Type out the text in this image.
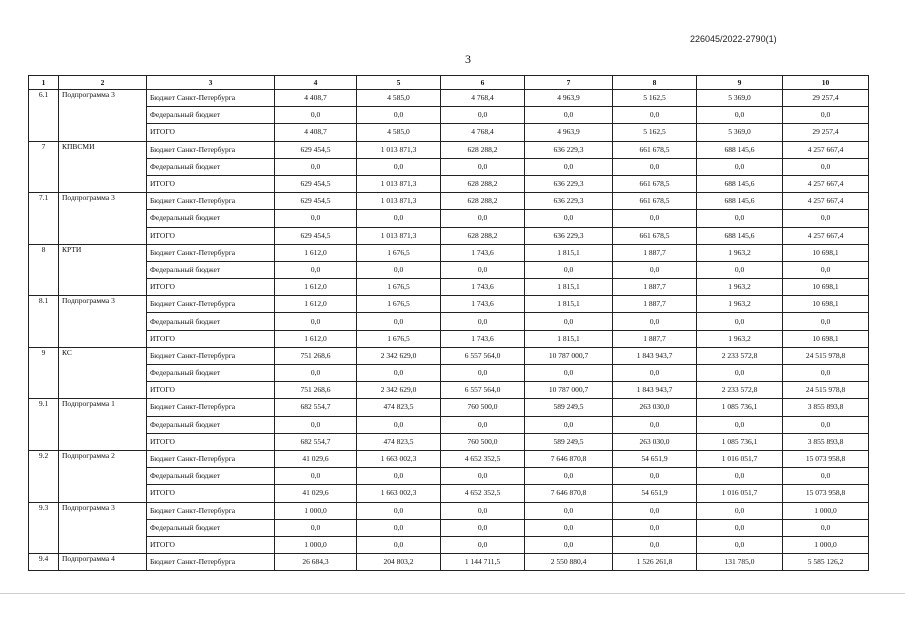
226045/2022-2790(1)
3
1	2	3	4	5	6	7	8	9	10
6.1	Подпрограмма 3	Бюджет Санкт-Петербурга	4 408,7	4 585,0	4 768,4	4 963,9	5 162,5	5 369,0	29 257,4
		Федеральный бюджет	0,0	0,0	0,0	0,0	0,0	0,0	0,0
		ИТОГО	4 408,7	4 585,0	4 768,4	4 963,9	5 162,5	5 369,0	29 257,4
7	КПВСМИ	Бюджет Санкт-Петербурга	629 454,5	1 013 871,3	628 288,2	636 229,3	661 678,5	688 145,6	4 257 667,4
		Федеральный бюджет	0,0	0,0	0,0	0,0	0,0	0,0	0,0
		ИТОГО	629 454,5	1 013 871,3	628 288,2	636 229,3	661 678,5	688 145,6	4 257 667,4
7.1	Подпрограмма 3	Бюджет Санкт-Петербурга	629 454,5	1 013 871,3	628 288,2	636 229,3	661 678,5	688 145,6	4 257 667,4
		Федеральный бюджет	0,0	0,0	0,0	0,0	0,0	0,0	0,0
		ИТОГО	629 454,5	1 013 871,3	628 288,2	636 229,3	661 678,5	688 145,6	4 257 667,4
8	КРТИ	Бюджет Санкт-Петербурга	1 612,0	1 676,5	1 743,6	1 815,1	1 887,7	1 963,2	10 698,1
		Федеральный бюджет	0,0	0,0	0,0	0,0	0,0	0,0	0,0
		ИТОГО	1 612,0	1 676,5	1 743,6	1 815,1	1 887,7	1 963,2	10 698,1
8.1	Подпрограмма 3	Бюджет Санкт-Петербурга	1 612,0	1 676,5	1 743,6	1 815,1	1 887,7	1 963,2	10 698,1
		Федеральный бюджет	0,0	0,0	0,0	0,0	0,0	0,0	0,0
		ИТОГО	1 612,0	1 676,5	1 743,6	1 815,1	1 887,7	1 963,2	10 698,1
9	КС	Бюджет Санкт-Петербурга	751 268,6	2 342 629,0	6 557 564,0	10 787 000,7	1 843 943,7	2 233 572,8	24 515 978,8
		Федеральный бюджет	0,0	0,0	0,0	0,0	0,0	0,0	0,0
		ИТОГО	751 268,6	2 342 629,0	6 557 564,0	10 787 000,7	1 843 943,7	2 233 572,8	24 515 978,8
9.1	Подпрограмма 1	Бюджет Санкт-Петербурга	682 554,7	474 823,5	760 500,0	589 249,5	263 030,0	1 085 736,1	3 855 893,8
		Федеральный бюджет	0,0	0,0	0,0	0,0	0,0	0,0	0,0
		ИТОГО	682 554,7	474 823,5	760 500,0	589 249,5	263 030,0	1 085 736,1	3 855 893,8
9.2	Подпрограмма 2	Бюджет Санкт-Петербурга	41 029,6	1 663 002,3	4 652 352,5	7 646 870,8	54 651,9	1 016 051,7	15 073 958,8
		Федеральный бюджет	0,0	0,0	0,0	0,0	0,0	0,0	0,0
		ИТОГО	41 029,6	1 663 002,3	4 652 352,5	7 646 870,8	54 651,9	1 016 051,7	15 073 958,8
9.3	Подпрограмма 3	Бюджет Санкт-Петербурга	1 000,0	0,0	0,0	0,0	0,0	0,0	1 000,0
		Федеральный бюджет	0,0	0,0	0,0	0,0	0,0	0,0	0,0
		ИТОГО	1 000,0	0,0	0,0	0,0	0,0	0,0	1 000,0
9.4	Подпрограмма 4	Бюджет Санкт-Петербурга	26 684,3	204 803,2	1 144 711,5	2 550 880,4	1 526 261,8	131 785,0	5 585 126,2
